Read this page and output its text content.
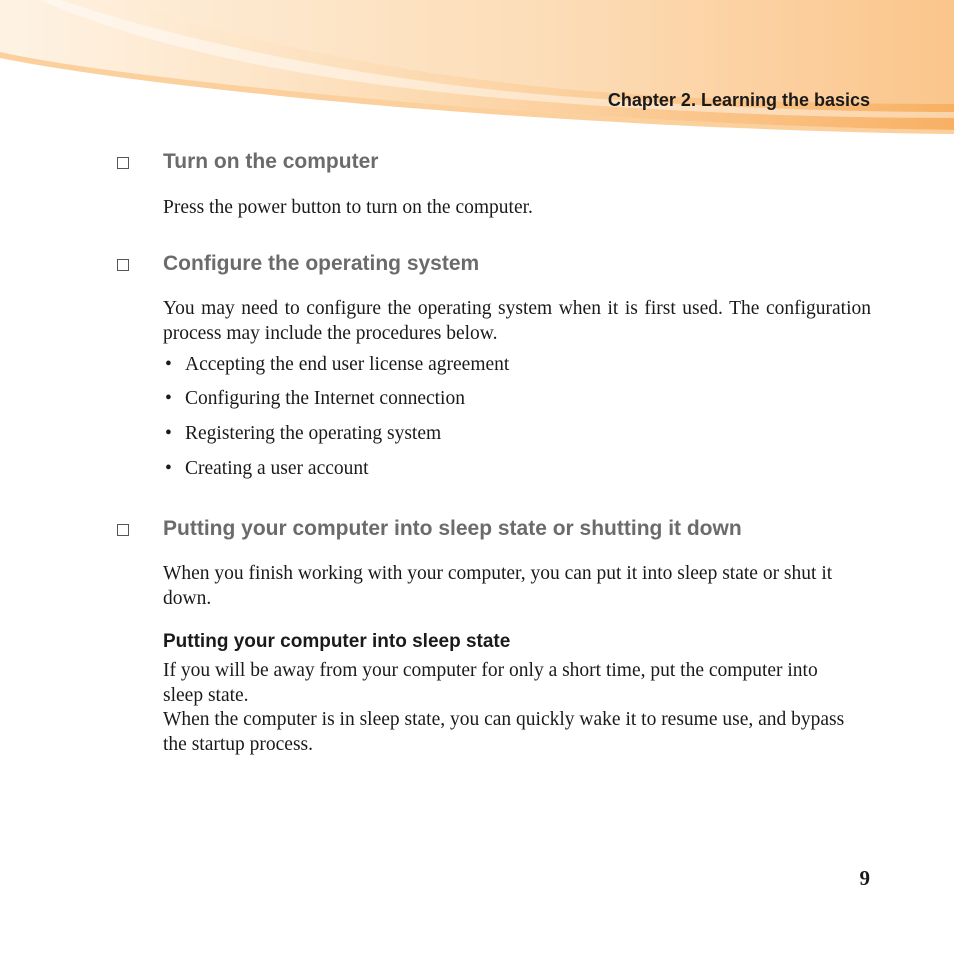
Chapter 2. Learning the basics
Turn on the computer
Press the power button to turn on the computer.
Configure the operating system
You may need to configure the operating system when it is first used. The configuration process may include the procedures below.
• Accepting the end user license agreement
• Configuring the Internet connection
• Registering the operating system
• Creating a user account
Putting your computer into sleep state or shutting it down
When you finish working with your computer, you can put it into sleep state or shut it down.
Putting your computer into sleep state
If you will be away from your computer for only a short time, put the computer into sleep state.
When the computer is in sleep state, you can quickly wake it to resume use, and bypass the startup process.
9
